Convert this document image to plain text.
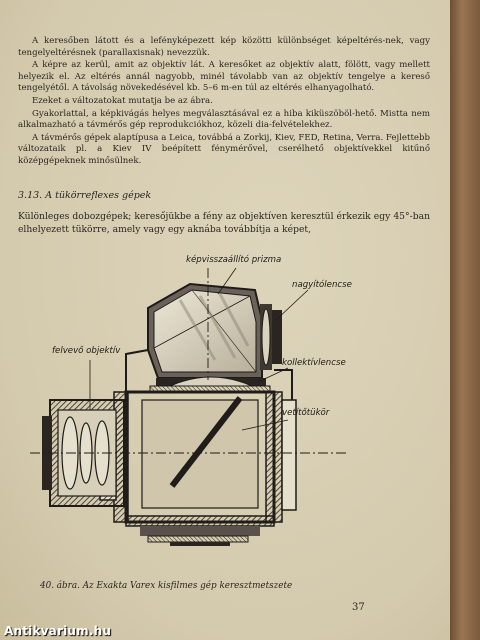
A keresőben látott és a lefényképezett kép közötti különbséget képeltérés-nek, vagy tengelyeltérésnek (parallaxisnak) nevezzük.

A képre az kerül, amit az objektív lát. A keresőket az objektív alatt, fölött, vagy mellett helyezik el. Az eltérés annál nagyobb, minél távolabb van az objektív tengelye a kereső tengelyétől. A távolság növekedésével kb. 5–6 m-en túl az eltérés elhanyagolható.

Ezeket a változatokat mutatja be az ábra.

Gyakorlattal, a képkivágás helyes megválasztásával ez a hiba kiküszöböl-hető. Mistta nem alkalmazható a távmérős gép reprodukciókhoz, közeli dia-felvételekhez.

A távmérős gépek alaptípusa a Leica, továbbá a Zorkij, Kiev, FED, Retina, Verra. Fejlettebb változataik pl. a Kiev IV beépített fénymérővel, cserélhető objektívekkel kitűnő középgépeknek minősülnek.

3.13. A tükörreflexes gépek
Különleges dobozgépek; keresőjükbe a fény az objektíven keresztül érkezik egy 45°-ban elhelyezett tükörre, amely vagy egy aknába továbbítja a képet,
képvisszaállító prizma
nagyítólencse
felvevő objektív
kollektívlencse
vetítőtükör
40. ábra. Az Exakta Varex kisfilmes gép keresztmetszete
37
Antikvarium.hu
